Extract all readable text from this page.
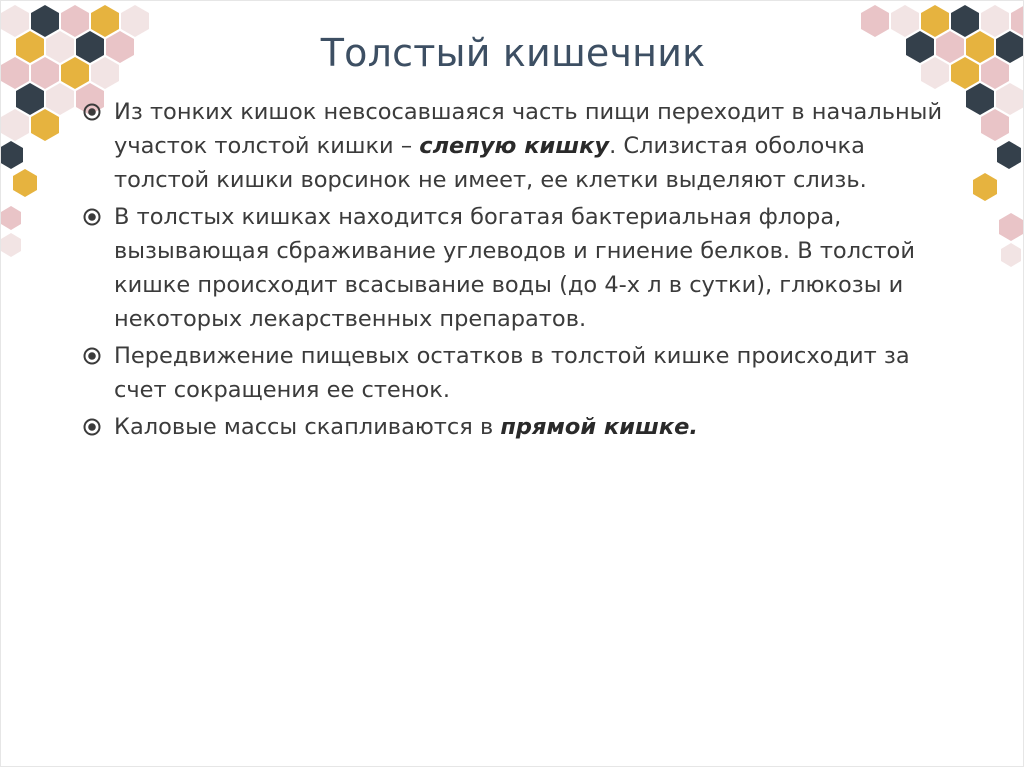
Толстый кишечник
Из тонких кишок невсосавшаяся часть пищи переходит в начальный участок толстой кишки – слепую кишку. Слизистая оболочка толстой кишки ворсинок не имеет, ее клетки выделяют слизь.
В толстых кишках находится богатая бактериальная флора, вызывающая сбраживание углеводов и гниение белков. В толстой кишке происходит всасывание воды (до 4-х л в сутки), глюкозы и некоторых лекарственных препаратов.
Передвижение пищевых остатков в толстой кишке происходит за счет сокращения ее стенок.
Каловые массы скапливаются в прямой кишке.
